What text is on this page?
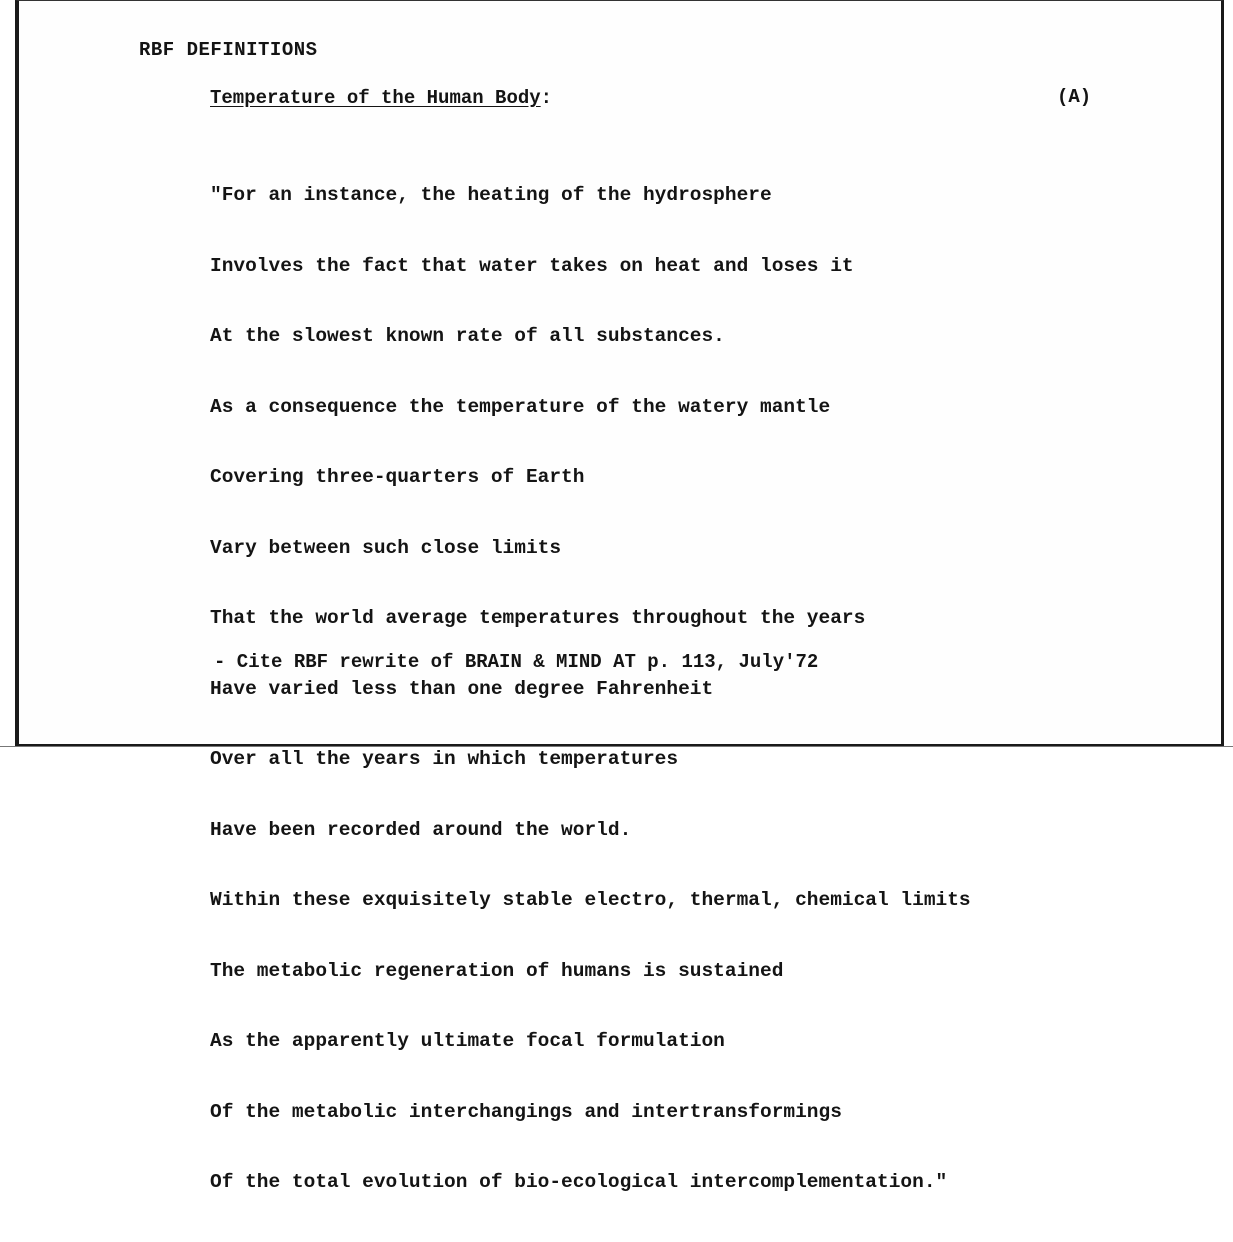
RBF DEFINITIONS
Temperature of the Human Body:	(A)

"For an instance, the heating of the hydrosphere

Involves the fact that water takes on heat and loses it

At the slowest known rate of all substances.

As a consequence the temperature of the watery mantle

Covering three-quarters of Earth

Vary between such close limits

That the world average temperatures throughout the years

Have varied less than one degree Fahrenheit

Over all the years in which temperatures

Have been recorded around the world.

Within these exquisitely stable electro, thermal, chemical limits

The metabolic regeneration of humans is sustained

As the apparently ultimate focal formulation

Of the metabolic interchangings and intertransformings

Of the total evolution of bio-ecological intercomplementation."

- Cite RBF rewrite of BRAIN & MIND AT p. 113, July'72
